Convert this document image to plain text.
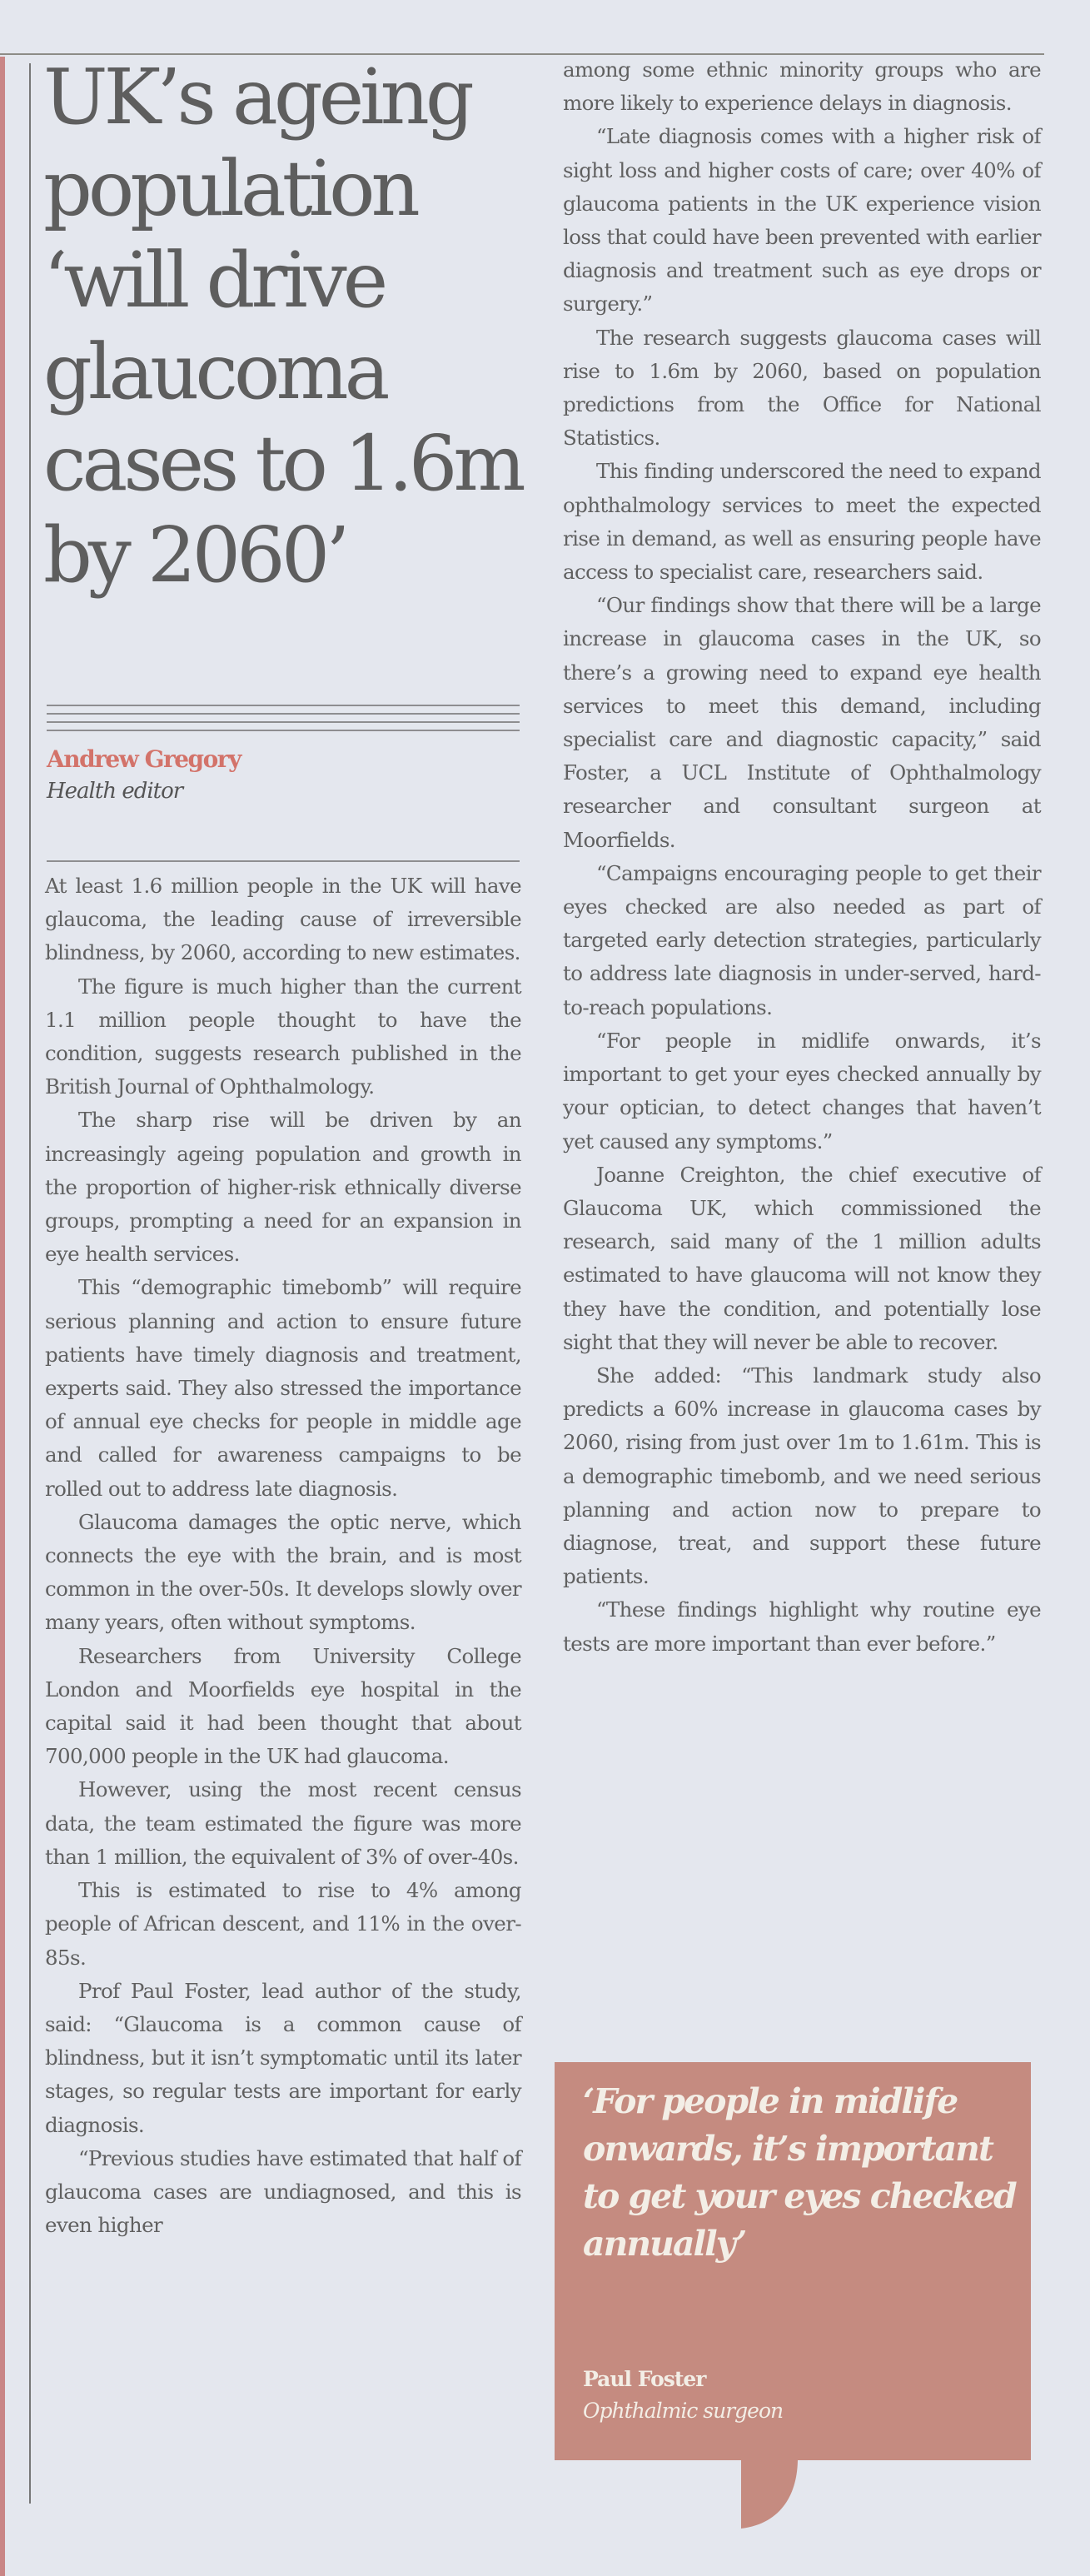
UK’s ageing
population
‘will drive
glaucoma
cases to 1.6m
by 2060’
Andrew Gregory
Health editor

At least 1.6 million people in the UK will have glaucoma, the leading cause of irreversible blindness, by 2060, according to new estimates.

The figure is much higher than the current 1.1 million people thought to have the condition, suggests research published in the British Journal of Ophthalmology.

The sharp rise will be driven by an increasingly ageing population and growth in the proportion of higher-risk ethnically diverse groups, prompting a need for an expansion in eye health services.

This “demographic timebomb” will require serious planning and action to ensure future patients have timely diagnosis and treatment, experts said. They also stressed the importance of annual eye checks for people in middle age and called for awareness campaigns to be rolled out to address late diagnosis.

Glaucoma damages the optic nerve, which connects the eye with the brain, and is most common in the over-50s. It develops slowly over many years, often without symptoms.

Researchers from University College London and Moorfields eye hospital in the capital said it had been thought that about 700,000 people in the UK had glaucoma.

However, using the most recent census data, the team estimated the figure was more than 1 million, the equivalent of 3% of over-40s.

This is estimated to rise to 4% among people of African descent, and 11% in the over-85s.

Prof Paul Foster, lead author of the study, said: “Glaucoma is a common cause of blindness, but it isn’t symptomatic until its later stages, so regular tests are important for early diagnosis.

“Previous studies have estimated that half of glaucoma cases are undiagnosed, and this is even higher

among some ethnic minority groups who are more likely to experience delays in diagnosis.

“Late diagnosis comes with a higher risk of sight loss and higher costs of care; over 40% of glaucoma patients in the UK experience vision loss that could have been prevented with earlier diagnosis and treatment such as eye drops or surgery.”

The research suggests glaucoma cases will rise to 1.6m by 2060, based on population predictions from the Office for National Statistics.

This finding underscored the need to expand ophthalmology services to meet the expected rise in demand, as well as ensuring people have access to specialist care, researchers said.

“Our findings show that there will be a large increase in glaucoma cases in the UK, so there’s a growing need to expand eye health services to meet this demand, including specialist care and diagnostic capacity,” said Foster, a UCL Institute of Ophthalmology researcher and consultant surgeon at Moorfields.

“Campaigns encouraging people to get their eyes checked are also needed as part of targeted early detection strategies, particularly to address late diagnosis in under-served, hard-to-reach populations.

“For people in midlife onwards, it’s important to get your eyes checked annually by your optician, to detect changes that haven’t yet caused any symptoms.”

Joanne Creighton, the chief executive of Glaucoma UK, which commissioned the research, said many of the 1 million adults estimated to have glaucoma will not know they they have the condition, and potentially lose sight that they will never be able to recover.

She added: “This landmark study also predicts a 60% increase in glaucoma cases by 2060, rising from just over 1m to 1.61m. This is a demographic timebomb, and we need serious planning and action now to prepare to diagnose, treat, and support these future patients.

“These findings highlight why routine eye tests are more important than ever before.”

‘For people in midlife onwards, it’s important to get your eyes checked annually’
Paul Foster
Ophthalmic surgeon
